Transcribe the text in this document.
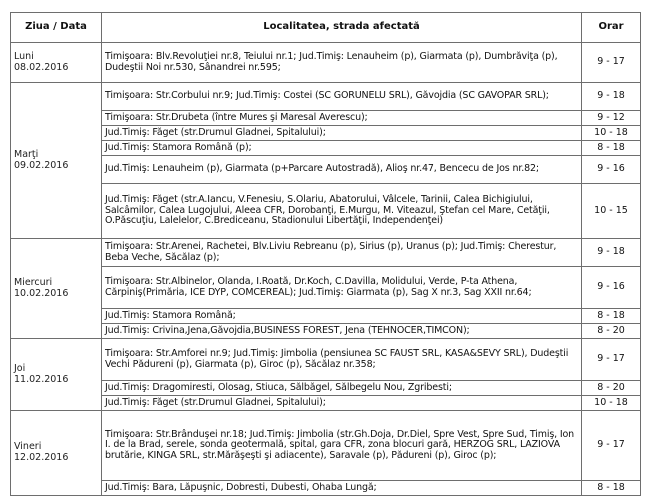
Ziua / Data	Localitatea, strada afectată	Orar

Luni
08.02.2016	Timişoara: Blv.Revoluţiei nr.8, Teiului nr.1; Jud.Timiş: Lenauheim (p), Giarmata (p), Dumbrăviţa (p), Dudeştii Noi nr.530, Sânandrei nr.595;	9 - 17

Marţi
09.02.2016	Timişoara: Str.Corbului nr.9; Jud.Timiş: Costei (SC GORUNELU SRL), Găvojdia (SC GAVOPAR SRL);	9 - 18
	Timişoara: Str.Drubeta (între Mures şi Maresal Averescu);	9 - 12
	Jud.Timiş: Făget (str.Drumul Gladnei, Spitalului);	10 - 18
	Jud.Timiş: Stamora Română (p);	8 - 18
	Jud.Timiş: Lenauheim (p), Giarmata (p+Parcare Autostradă), Alioş nr.47, Bencecu de Jos nr.82;	9 - 16
	Jud.Timiş: Făget (str.A.Iancu, V.Fenesiu, S.Olariu, Abatorului, Vâlcele, Tarinii, Calea Bichigiului, Salcâmilor, Calea Lugojului, Aleea CFR, Dorobanţi, E.Murgu, M. Viteazul, Ştefan cel Mare, Cetăţii, O.Păscuţiu, Lalelelor, C.Brediceanu, Stadionului Libertăţii, Independenţei)	10 - 15

Miercuri
10.02.2016	Timişoara: Str.Arenei, Rachetei, Blv.Liviu Rebreanu (p), Sirius (p), Uranus (p); Jud.Timiş: Cherestur, Beba Veche, Săcălaz (p);	9 - 18
	Timişoara: Str.Albinelor, Olanda, I.Roată, Dr.Koch, C.Davilla, Molidului, Verde, P-ta Athena, Cărpiniş(Primăria, ICE DYP, COMCEREAL); Jud.Timiş: Giarmata (p), Sag X nr.3, Sag XXII nr.64;	9 - 16
	Jud.Timiş: Stamora Română;	8 - 18
	Jud.Timiş: Crivina,Jena,Găvojdia,BUSINESS FOREST, Jena (TEHNOCER,TIMCON);	8 - 20

Joi
11.02.2016	Timişoara: Str.Amforei nr.9; Jud.Timiş: Jimbolia (pensiunea SC FAUST SRL, KASA&SEVY SRL), Dudeştii Vechi Pădureni (p), Giarmata (p), Giroc (p), Săcălaz nr.358;	9 - 17
	Jud.Timiş: Dragomiresti, Olosag, Stiuca, Sălbăgel, Sălbegelu Nou, Zgribesti;	8 - 20
	Jud.Timiş: Făget (str.Drumul Gladnei, Spitalului);	10 - 18

Vineri
12.02.2016	Timişoara: Str.Brânduşei nr.18; Jud.Timiş: Jimbolia (str.Gh.Doja, Dr.Diel, Spre Vest, Spre Sud, Timiş, Ion I. de la Brad, serele, sonda geotermală, spital, gara CFR, zona blocuri gară, HERZOG SRL, LAZIOVA brutărie, KINGA SRL, str.Mărăşeşti şi adiacente), Saravale (p), Pădureni (p), Giroc (p);	9 - 17
	Jud.Timiş: Bara, Lăpuşnic, Dobresti, Dubesti, Ohaba Lungă;	8 - 18
